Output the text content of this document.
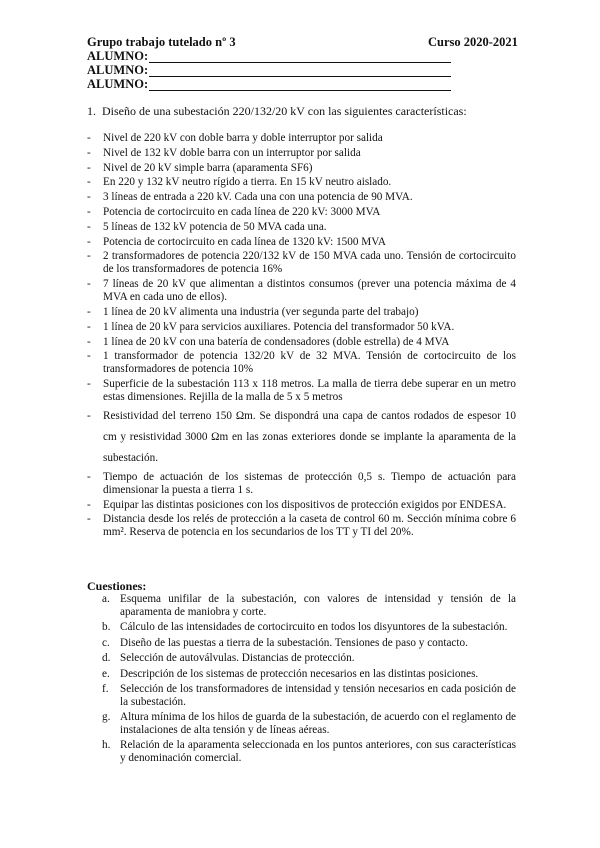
Grupo trabajo tutelado nº 3	Curso 2020-2021
ALUMNO:
ALUMNO:
ALUMNO:
1. Diseño de una subestación 220/132/20 kV con las siguientes características:
- Nivel de 220 kV con doble barra y doble interruptor por salida
- Nivel de 132 kV doble barra con un interruptor por salida
- Nivel de 20 kV simple barra (aparamenta SF6)
- En 220 y 132 kV neutro rígido a tierra. En 15 kV neutro aislado.
- 3 líneas de entrada a 220 kV. Cada una con una potencia de 90 MVA.
- Potencia de cortocircuito en cada línea de 220 kV: 3000 MVA
- 5 líneas de 132 kV potencia de 50 MVA cada una.
- Potencia de cortocircuito en cada línea de 1320 kV: 1500 MVA
- 2 transformadores de potencia 220/132 kV de 150 MVA cada uno. Tensión de cortocircuito de los transformadores de potencia 16%
- 7 líneas de 20 kV que alimentan a distintos consumos (prever una potencia máxima de 4 MVA en cada uno de ellos).
- 1 línea de 20 kV alimenta una industria (ver segunda parte del trabajo)
- 1 línea de 20 kV para servicios auxiliares. Potencia del transformador 50 kVA.
- 1 línea de 20 kV con una batería de condensadores (doble estrella) de 4 MVA
- 1 transformador de potencia 132/20 kV de 32 MVA. Tensión de cortocircuito de los transformadores de potencia 10%
- Superficie de la subestación 113 x 118 metros. La malla de tierra debe superar en un metro estas dimensiones. Rejilla de la malla de 5 x 5 metros
- Resistividad del terreno 150 Ωm. Se dispondrá una capa de cantos rodados de espesor 10 cm y resistividad 3000 Ωm en las zonas exteriores donde se implante la aparamenta de la subestación.
- Tiempo de actuación de los sistemas de protección 0,5 s. Tiempo de actuación para dimensionar la puesta a tierra 1 s.
- Equipar las distintas posiciones con los dispositivos de protección exigidos por ENDESA.
- Distancia desde los relés de protección a la caseta de control 60 m. Sección mínima cobre 6 mm². Reserva de potencia en los secundarios de los TT y TI del 20%.
Cuestiones:
a. Esquema unifilar de la subestación, con valores de intensidad y tensión de la aparamenta de maniobra y corte.
b. Cálculo de las intensidades de cortocircuito en todos los disyuntores de la subestación.
c. Diseño de las puestas a tierra de la subestación. Tensiones de paso y contacto.
d. Selección de autoválvulas. Distancias de protección.
e. Descripción de los sistemas de protección necesarios en las distintas posiciones.
f. Selección de los transformadores de intensidad y tensión necesarios en cada posición de la subestación.
g. Altura mínima de los hilos de guarda de la subestación, de acuerdo con el reglamento de instalaciones de alta tensión y de líneas aéreas.
h. Relación de la aparamenta seleccionada en los puntos anteriores, con sus características y denominación comercial.
